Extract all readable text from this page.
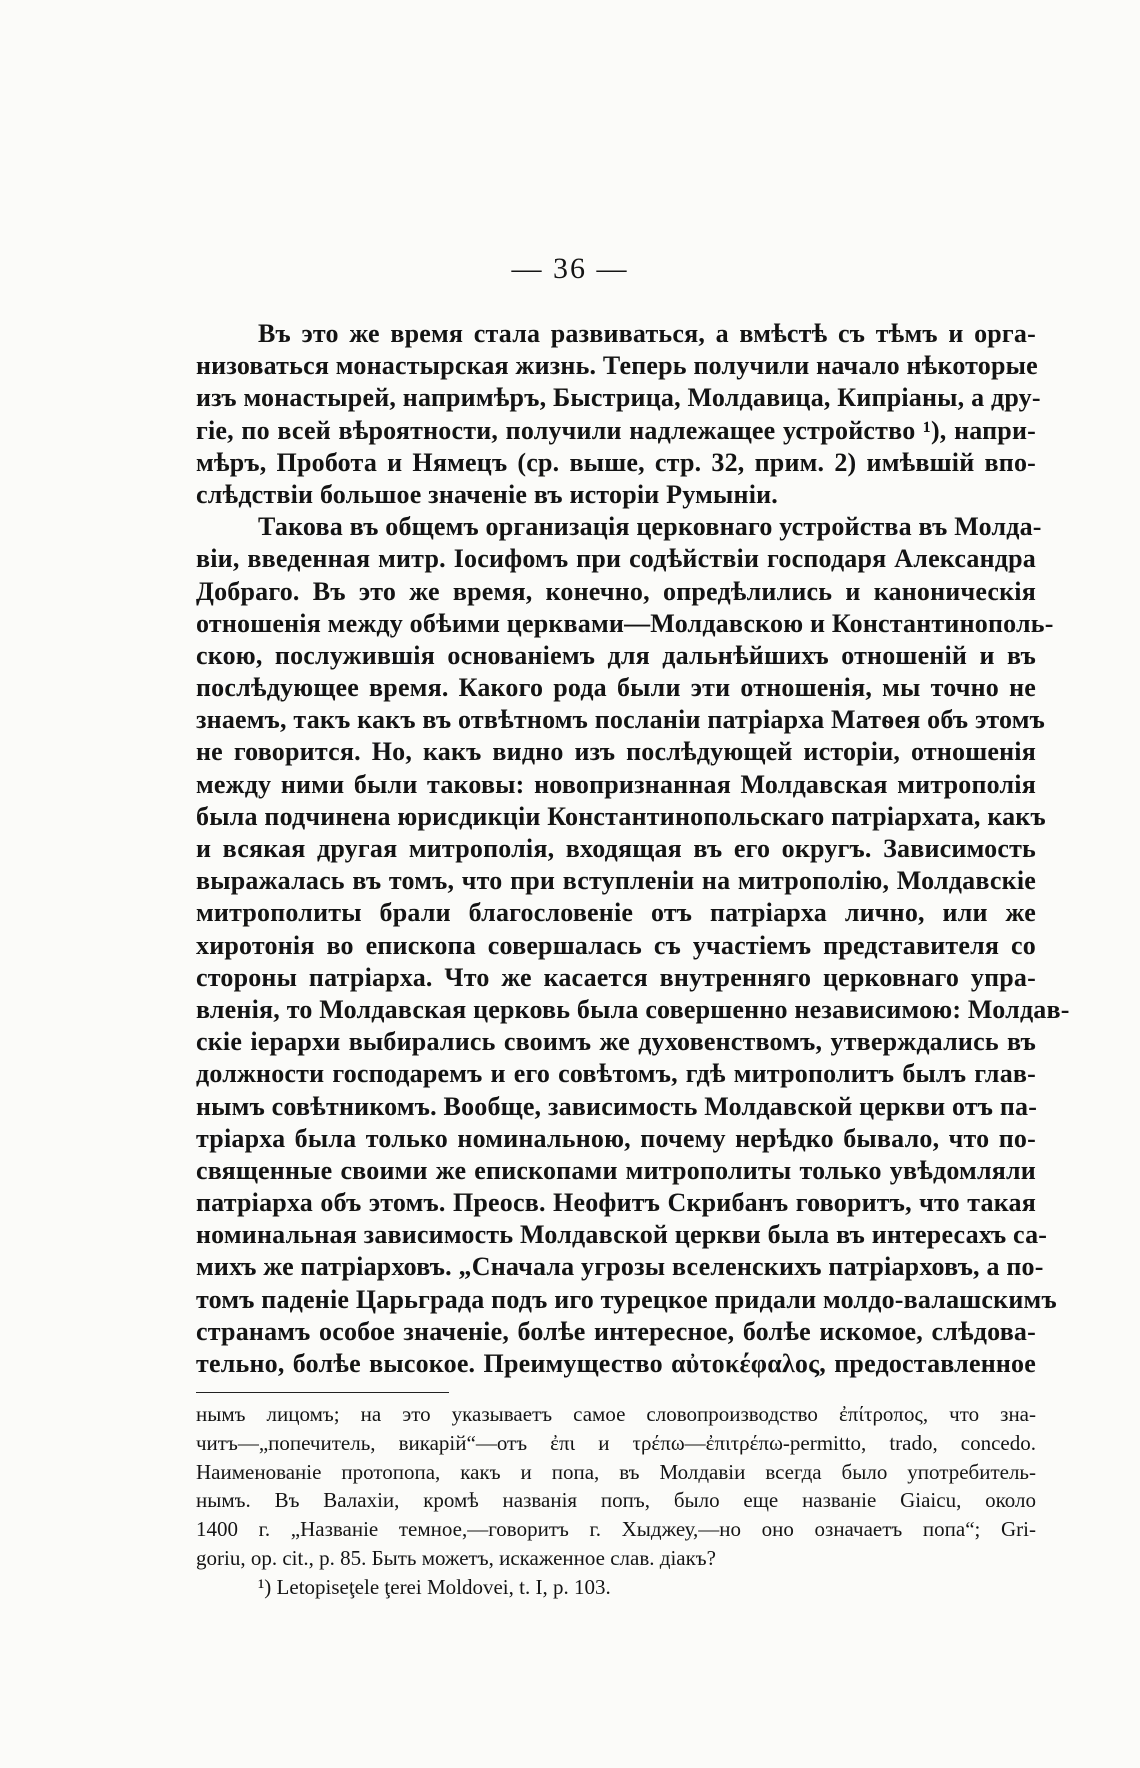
— 36 —
Въ это же время стала развиваться, а вмѣстѣ съ тѣмъ и орга-
низоваться монастырская жизнь. Теперь получили начало нѣкоторые
изъ монастырей, напримѣръ, Быстрица, Молдавица, Кипріаны, а дру-
гіе, по всей вѣроятности, получили надлежащее устройство ¹), напри-
мѣръ, Пробота и Нямецъ (ср. выше, стр. 32, прим. 2) имѣвшій впо-
слѣдствіи большое значеніе въ исторіи Румыніи.
Такова въ общемъ организація церковнаго устройства въ Молда-
віи, введенная митр. Іосифомъ при содѣйствіи господаря Александра
Добраго. Въ это же время, конечно, опредѣлились и каноническія
отношенія между обѣими церквами—Молдавскою и Константинополь-
скою, послужившія основаніемъ для дальнѣйшихъ отношеній и въ
послѣдующее время. Какого рода были эти отношенія, мы точно не
знаемъ, такъ какъ въ отвѣтномъ посланіи патріарха Матѳея объ этомъ
не говорится. Но, какъ видно изъ послѣдующей исторіи, отношенія
между ними были таковы: новопризнанная Молдавская митрополія
была подчинена юрисдикціи Константинопольскаго патріархата, какъ
и всякая другая митрополія, входящая въ его округъ. Зависимость
выражалась въ томъ, что при вступленіи на митрополію, Молдавскіе
митрополиты брали благословеніе отъ патріарха лично, или же
хиротонія во епископа совершалась съ участіемъ представителя со
стороны патріарха. Что же касается внутренняго церковнаго упра-
вленія, то Молдавская церковь была совершенно независимою: Молдав-
скіе іерархи выбирались своимъ же духовенствомъ, утверждались въ
должности господаремъ и его совѣтомъ, гдѣ митрополитъ былъ глав-
нымъ совѣтникомъ. Вообще, зависимость Молдавской церкви отъ па-
тріарха была только номинальною, почему нерѣдко бывало, что по-
священные своими же епископами митрополиты только увѣдомляли
патріарха объ этомъ. Преосв. Неофитъ Скрибанъ говоритъ, что такая
номинальная зависимость Молдавской церкви была въ интересахъ са-
михъ же патріарховъ. „Сначала угрозы вселенскихъ патріарховъ, а по-
томъ паденіе Царьграда подъ иго турецкое придали молдо-валашскимъ
странамъ особое значеніе, болѣе интересное, болѣе искомое, слѣдова-
тельно, болѣе высокое. Преимущество αὐτοκέφαλος, предоставленное
нымъ лицомъ; на это указываетъ самое словопроизводство ἐπίτροπος, что зна-
читъ—„попечитель, викарій“—отъ ἐπι и τρέπω—ἐπιτρέπω-permitto, trado, concedo.
Наименованіе протопопа, какъ и попа, въ Молдавіи всегда было употребитель-
нымъ. Въ Валахіи, кромѣ названія попъ, было еще названіе Giaicu, около
1400 г. „Названіе темное,—говоритъ г. Хыджеу,—но оно означаетъ попа“; Gri-
goriu, op. cit., p. 85. Быть можетъ, искаженное слав. діакъ?
¹) Letopiseţele ţerei Moldovei, t. I, p. 103.
